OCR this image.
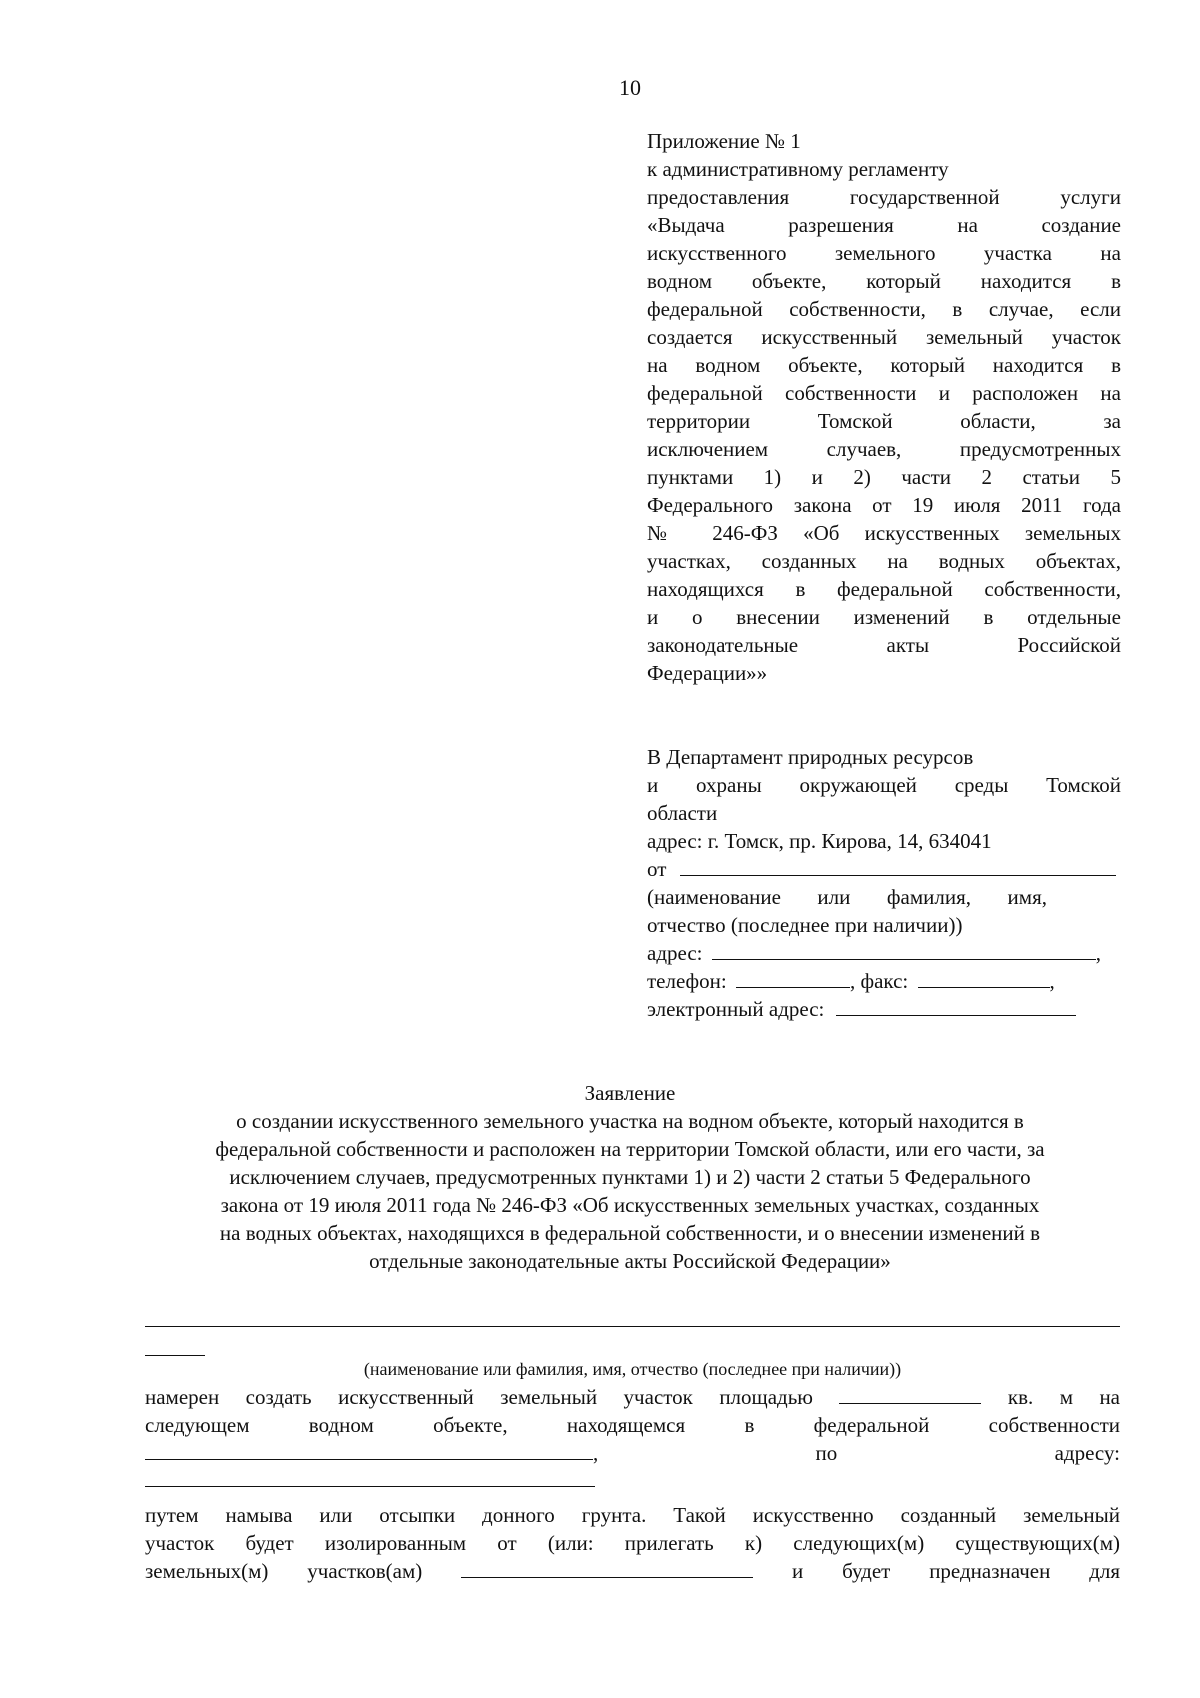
10
Приложение № 1
к административному регламенту
предоставления государственной услуги
«Выдача разрешения на создание
искусственного земельного участка на
водном объекте, который находится в
федеральной собственности, в случае, если
создается искусственный земельный участок
на водном объекте, который находится в
федеральной собственности и расположен на
территории Томской области, за
исключением случаев, предусмотренных
пунктами 1) и 2) части 2 статьи 5
Федерального закона от 19 июля 2011 года
№ 246-ФЗ «Об искусственных земельных
участках, созданных на водных объектах,
находящихся в федеральной собственности,
и о внесении изменений в отдельные
законодательные акты Российской
Федерации»»
В Департамент природных ресурсов
и охраны окружающей среды Томской
области
адрес: г. Томск, пр. Кирова, 14, 634041
от
(наименование или фамилия, имя,
отчество (последнее при наличии))
адрес:	,
телефон:	, факс:	,
электронный адрес:
Заявление
о создании искусственного земельного участка на водном объекте, который находится в
федеральной собственности и расположен на территории Томской области, или его части, за
исключением случаев, предусмотренных пунктами 1) и 2) части 2 статьи 5 Федерального
закона от 19 июля 2011 года № 246-ФЗ «Об искусственных земельных участках, созданных
на водных объектах, находящихся в федеральной собственности, и о внесении изменений в
отдельные законодательные акты Российской Федерации»
(наименование или фамилия, имя, отчество (последнее при наличии))
намерен создать искусственный земельный участок площадью	кв. м на
следующем водном объекте, находящемся в федеральной собственности
,	по	адресу:
путем намыва или отсыпки донного грунта. Такой искусственно созданный земельный
участок будет изолированным от (или: прилегать к) следующих(м) существующих(м)
земельных(м) участков(ам)	и будет предназначен для
